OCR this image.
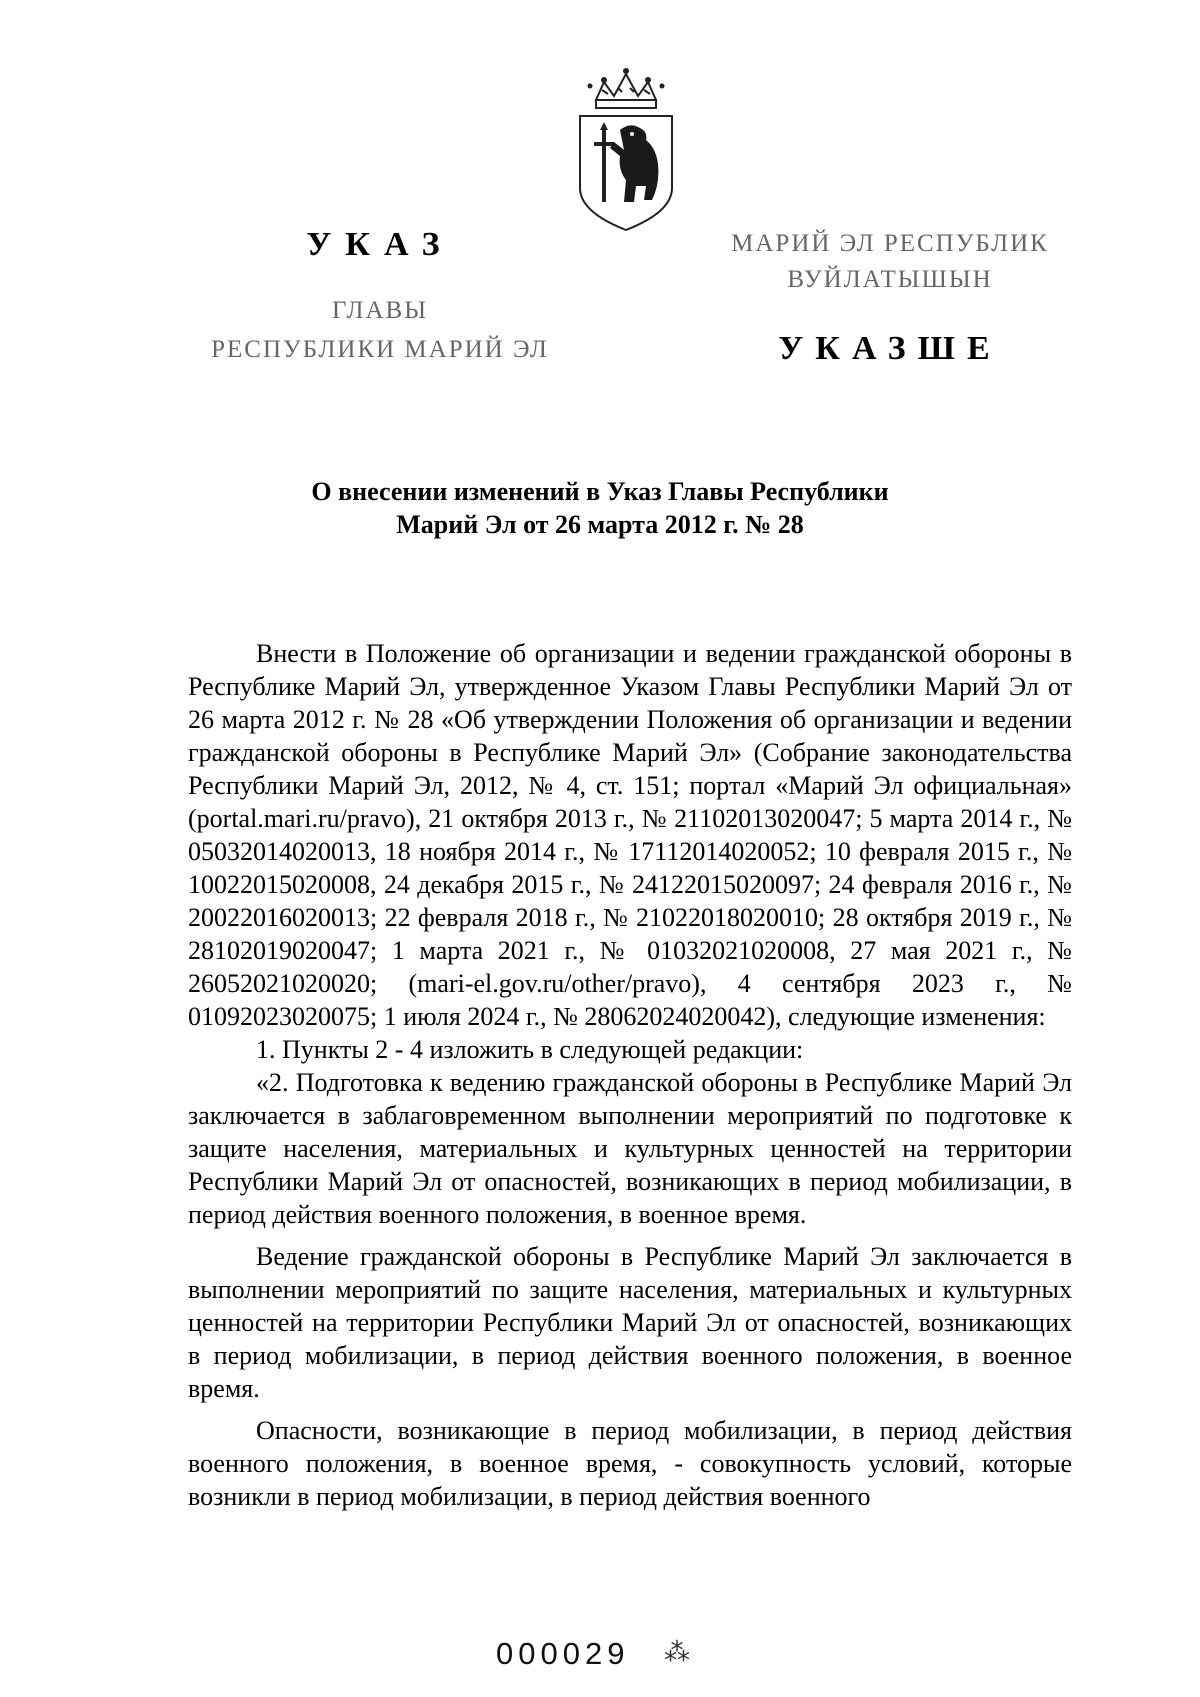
УКАЗ
ГЛАВЫ
РЕСПУБЛИКИ МАРИЙ ЭЛ
МАРИЙ ЭЛ РЕСПУБЛИК
ВУЙЛАТЫШЫН
УКАЗШЕ
О внесении изменений в Указ Главы Республики
Марий Эл от 26 марта 2012 г. № 28

Внести в Положение об организации и ведении гражданской обороны в Республике Марий Эл, утвержденное Указом Главы Республики Марий Эл от 26 марта 2012 г. № 28 «Об утверждении Положения об организации и ведении гражданской обороны в Республике Марий Эл» (Собрание законодательства Республики Марий Эл, 2012, № 4, ст. 151; портал «Марий Эл официальная» (portal.mari.ru/pravo), 21 октября 2013 г., № 21102013020047; 5 марта 2014 г., № 05032014020013, 18 ноября 2014 г., № 17112014020052; 10 февраля 2015 г., № 10022015020008, 24 декабря 2015 г., № 24122015020097; 24 февраля 2016 г., № 20022016020013; 22 февраля 2018 г., № 21022018020010; 28 октября 2019 г., № 28102019020047; 1 марта 2021 г., № 01032021020008, 27 мая 2021 г., № 26052021020020; (mari-el.gov.ru/other/pravo), 4 сентября 2023 г., № 01092023020075; 1 июля 2024 г., № 28062024020042), следующие изменения:

1. Пункты 2 - 4 изложить в следующей редакции:

«2. Подготовка к ведению гражданской обороны в Республике Марий Эл заключается в заблаговременном выполнении мероприятий по подготовке к защите населения, материальных и культурных ценностей на территории Республики Марий Эл от опасностей, возникающих в период мобилизации, в период действия военного положения, в военное время.

Ведение гражданской обороны в Республике Марий Эл заключается в выполнении мероприятий по защите населения, материальных и культурных ценностей на территории Республики Марий Эл от опасностей, возникающих в период мобилизации, в период действия военного положения, в военное время.

Опасности, возникающие в период мобилизации, в период действия военного положения, в военное время, - совокупность условий, которые возникли в период мобилизации, в период действия военного

000029 ⁂
